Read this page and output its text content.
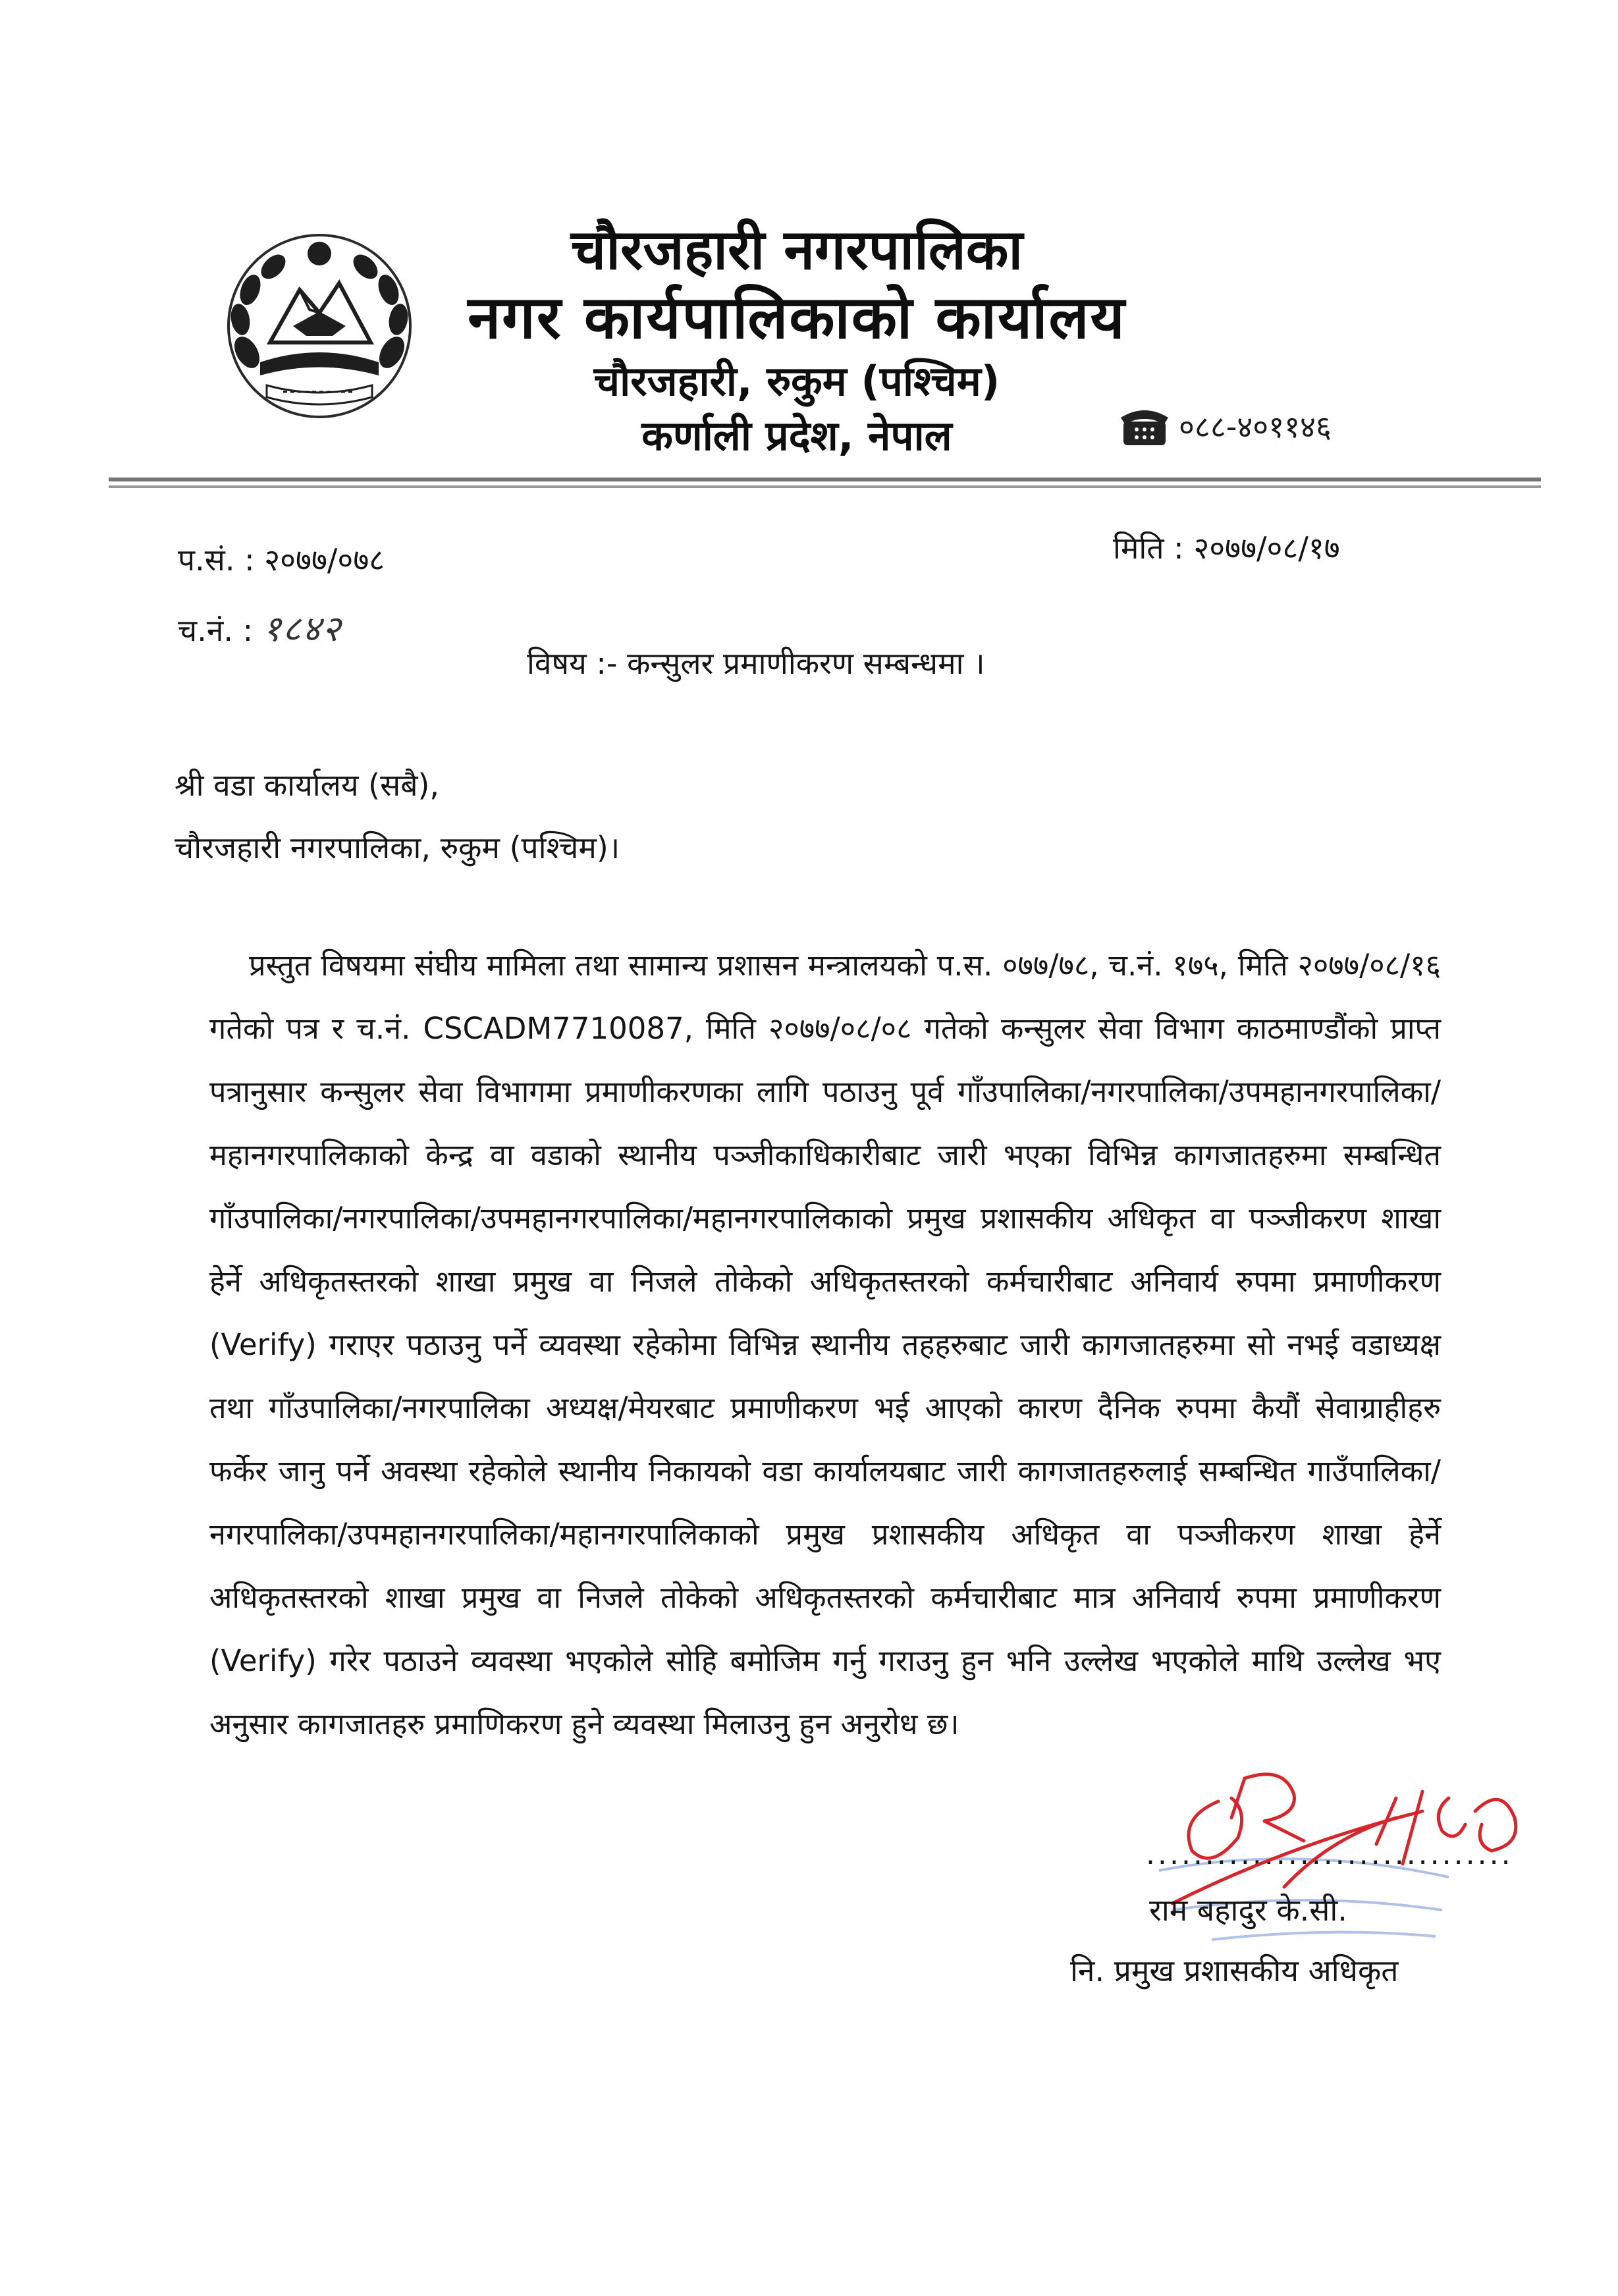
चौरजहारी नगरपालिका
नगर कार्यपालिकाको कार्यालय
चौरजहारी, रुकुम (पश्चिम)
कर्णाली प्रदेश, नेपाल	०८८-४०११४६
प.सं. : २०७७/०७८
च.नं. : १८४२
मिति : २०७७/०८/१७
विषय :- कन्सुलर प्रमाणीकरण सम्बन्धमा ।
श्री वडा कार्यालय (सबै),
चौरजहारी नगरपालिका, रुकुम (पश्चिम)।
प्रस्तुत विषयमा संघीय मामिला तथा सामान्य प्रशासन मन्त्रालयको प.स. ०७७/७८, च.नं. १७५, मिति २०७७/०८/१६ गतेको पत्र र च.नं. CSCADM7710087, मिति २०७७/०८/०८ गतेको कन्सुलर सेवा विभाग काठमाण्डौंको प्राप्त पत्रानुसार कन्सुलर सेवा विभागमा प्रमाणीकरणका लागि पठाउनु पूर्व गाँउपालिका/नगरपालिका/उपमहानगरपालिका/महानगरपालिकाको केन्द्र वा वडाको स्थानीय पञ्जीकाधिकारीबाट जारी भएका विभिन्न कागजातहरुमा सम्बन्धित गाँउपालिका/नगरपालिका/उपमहानगरपालिका/महानगरपालिकाको प्रमुख प्रशासकीय अधिकृत वा पञ्जीकरण शाखा हेर्ने अधिकृतस्तरको शाखा प्रमुख वा निजले तोकेको अधिकृतस्तरको कर्मचारीबाट अनिवार्य रुपमा प्रमाणीकरण (Verify) गराएर पठाउनु पर्ने व्यवस्था रहेकोमा विभिन्न स्थानीय तहहरुबाट जारी कागजातहरुमा सो नभई वडाध्यक्ष तथा गाँउपालिका/नगरपालिका अध्यक्ष/मेयरबाट प्रमाणीकरण भई आएको कारण दैनिक रुपमा कैयौं सेवाग्राहीहरु फर्केर जानु पर्ने अवस्था रहेकोले स्थानीय निकायको वडा कार्यालयबाट जारी कागजातहरुलाई सम्बन्धित गाउँपालिका/नगरपालिका/उपमहानगरपालिका/महानगरपालिकाको प्रमुख प्रशासकीय अधिकृत वा पञ्जीकरण शाखा हेर्ने अधिकृतस्तरको शाखा प्रमुख वा निजले तोकेको अधिकृतस्तरको कर्मचारीबाट मात्र अनिवार्य रुपमा प्रमाणीकरण (Verify) गरेर पठाउने व्यवस्था भएकोले सोहि बमोजिम गर्नु गराउनु हुन भनि उल्लेख भएकोले माथि उल्लेख भए अनुसार कागजातहरु प्रमाणिकरण हुने व्यवस्था मिलाउनु हुन अनुरोध छ।
...............................
राम बहादुर के.सी.
नि. प्रमुख प्रशासकीय अधिकृत
